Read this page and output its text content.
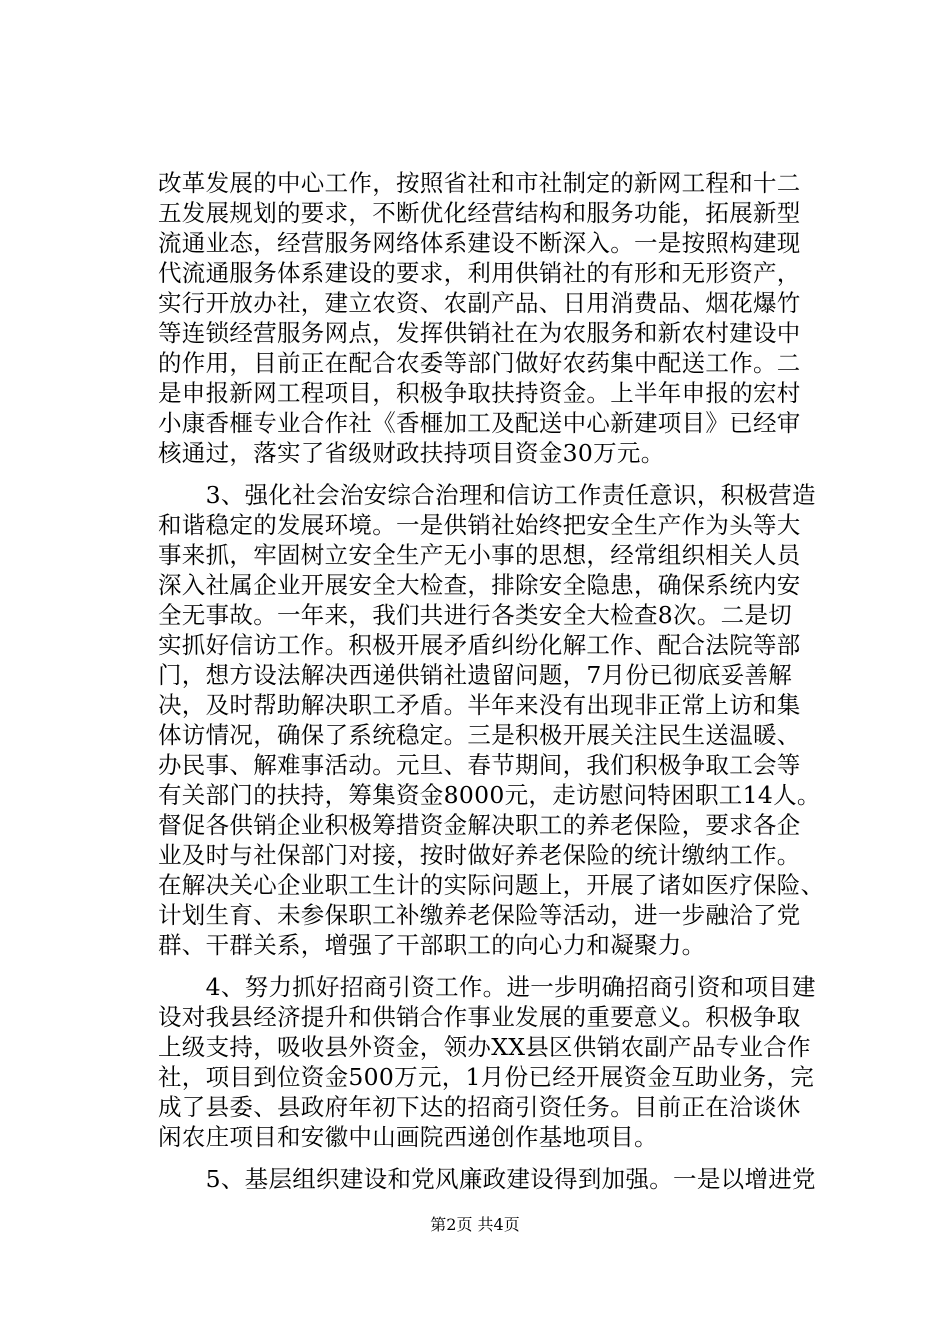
改革发展的中心工作，按照省社和市社制定的新网工程和十二
五发展规划的要求，不断优化经营结构和服务功能，拓展新型
流通业态，经营服务网络体系建设不断深入。一是按照构建现
代流通服务体系建设的要求，利用供销社的有形和无形资产，
实行开放办社，建立农资、农副产品、日用消费品、烟花爆竹
等连锁经营服务网点，发挥供销社在为农服务和新农村建设中
的作用，目前正在配合农委等部门做好农药集中配送工作。二
是申报新网工程项目，积极争取扶持资金。上半年申报的宏村
小康香榧专业合作社《香榧加工及配送中心新建项目》已经审
核通过，落实了省级财政扶持项目资金30万元。
　　3、强化社会治安综合治理和信访工作责任意识，积极营造
和谐稳定的发展环境。一是供销社始终把安全生产作为头等大
事来抓，牢固树立安全生产无小事的思想，经常组织相关人员
深入社属企业开展安全大检查，排除安全隐患，确保系统内安
全无事故。一年来，我们共进行各类安全大检查8次。二是切
实抓好信访工作。积极开展矛盾纠纷化解工作、配合法院等部
门，想方设法解决西递供销社遗留问题，7月份已彻底妥善解
决，及时帮助解决职工矛盾。半年来没有出现非正常上访和集
体访情况，确保了系统稳定。三是积极开展关注民生送温暖、
办民事、解难事活动。元旦、春节期间，我们积极争取工会等
有关部门的扶持，筹集资金8000元，走访慰问特困职工14人。
督促各供销企业积极筹措资金解决职工的养老保险，要求各企
业及时与社保部门对接，按时做好养老保险的统计缴纳工作。
在解决关心企业职工生计的实际问题上，开展了诸如医疗保险、
计划生育、未参保职工补缴养老保险等活动，进一步融洽了党
群、干群关系，增强了干部职工的向心力和凝聚力。
　　4、努力抓好招商引资工作。进一步明确招商引资和项目建
设对我县经济提升和供销合作事业发展的重要意义。积极争取
上级支持，吸收县外资金，领办XX县区供销农副产品专业合作
社，项目到位资金500万元，1月份已经开展资金互助业务，完
成了县委、县政府年初下达的招商引资任务。目前正在洽谈休
闲农庄项目和安徽中山画院西递创作基地项目。
　　5、基层组织建设和党风廉政建设得到加强。一是以增进党
第2页 共4页
